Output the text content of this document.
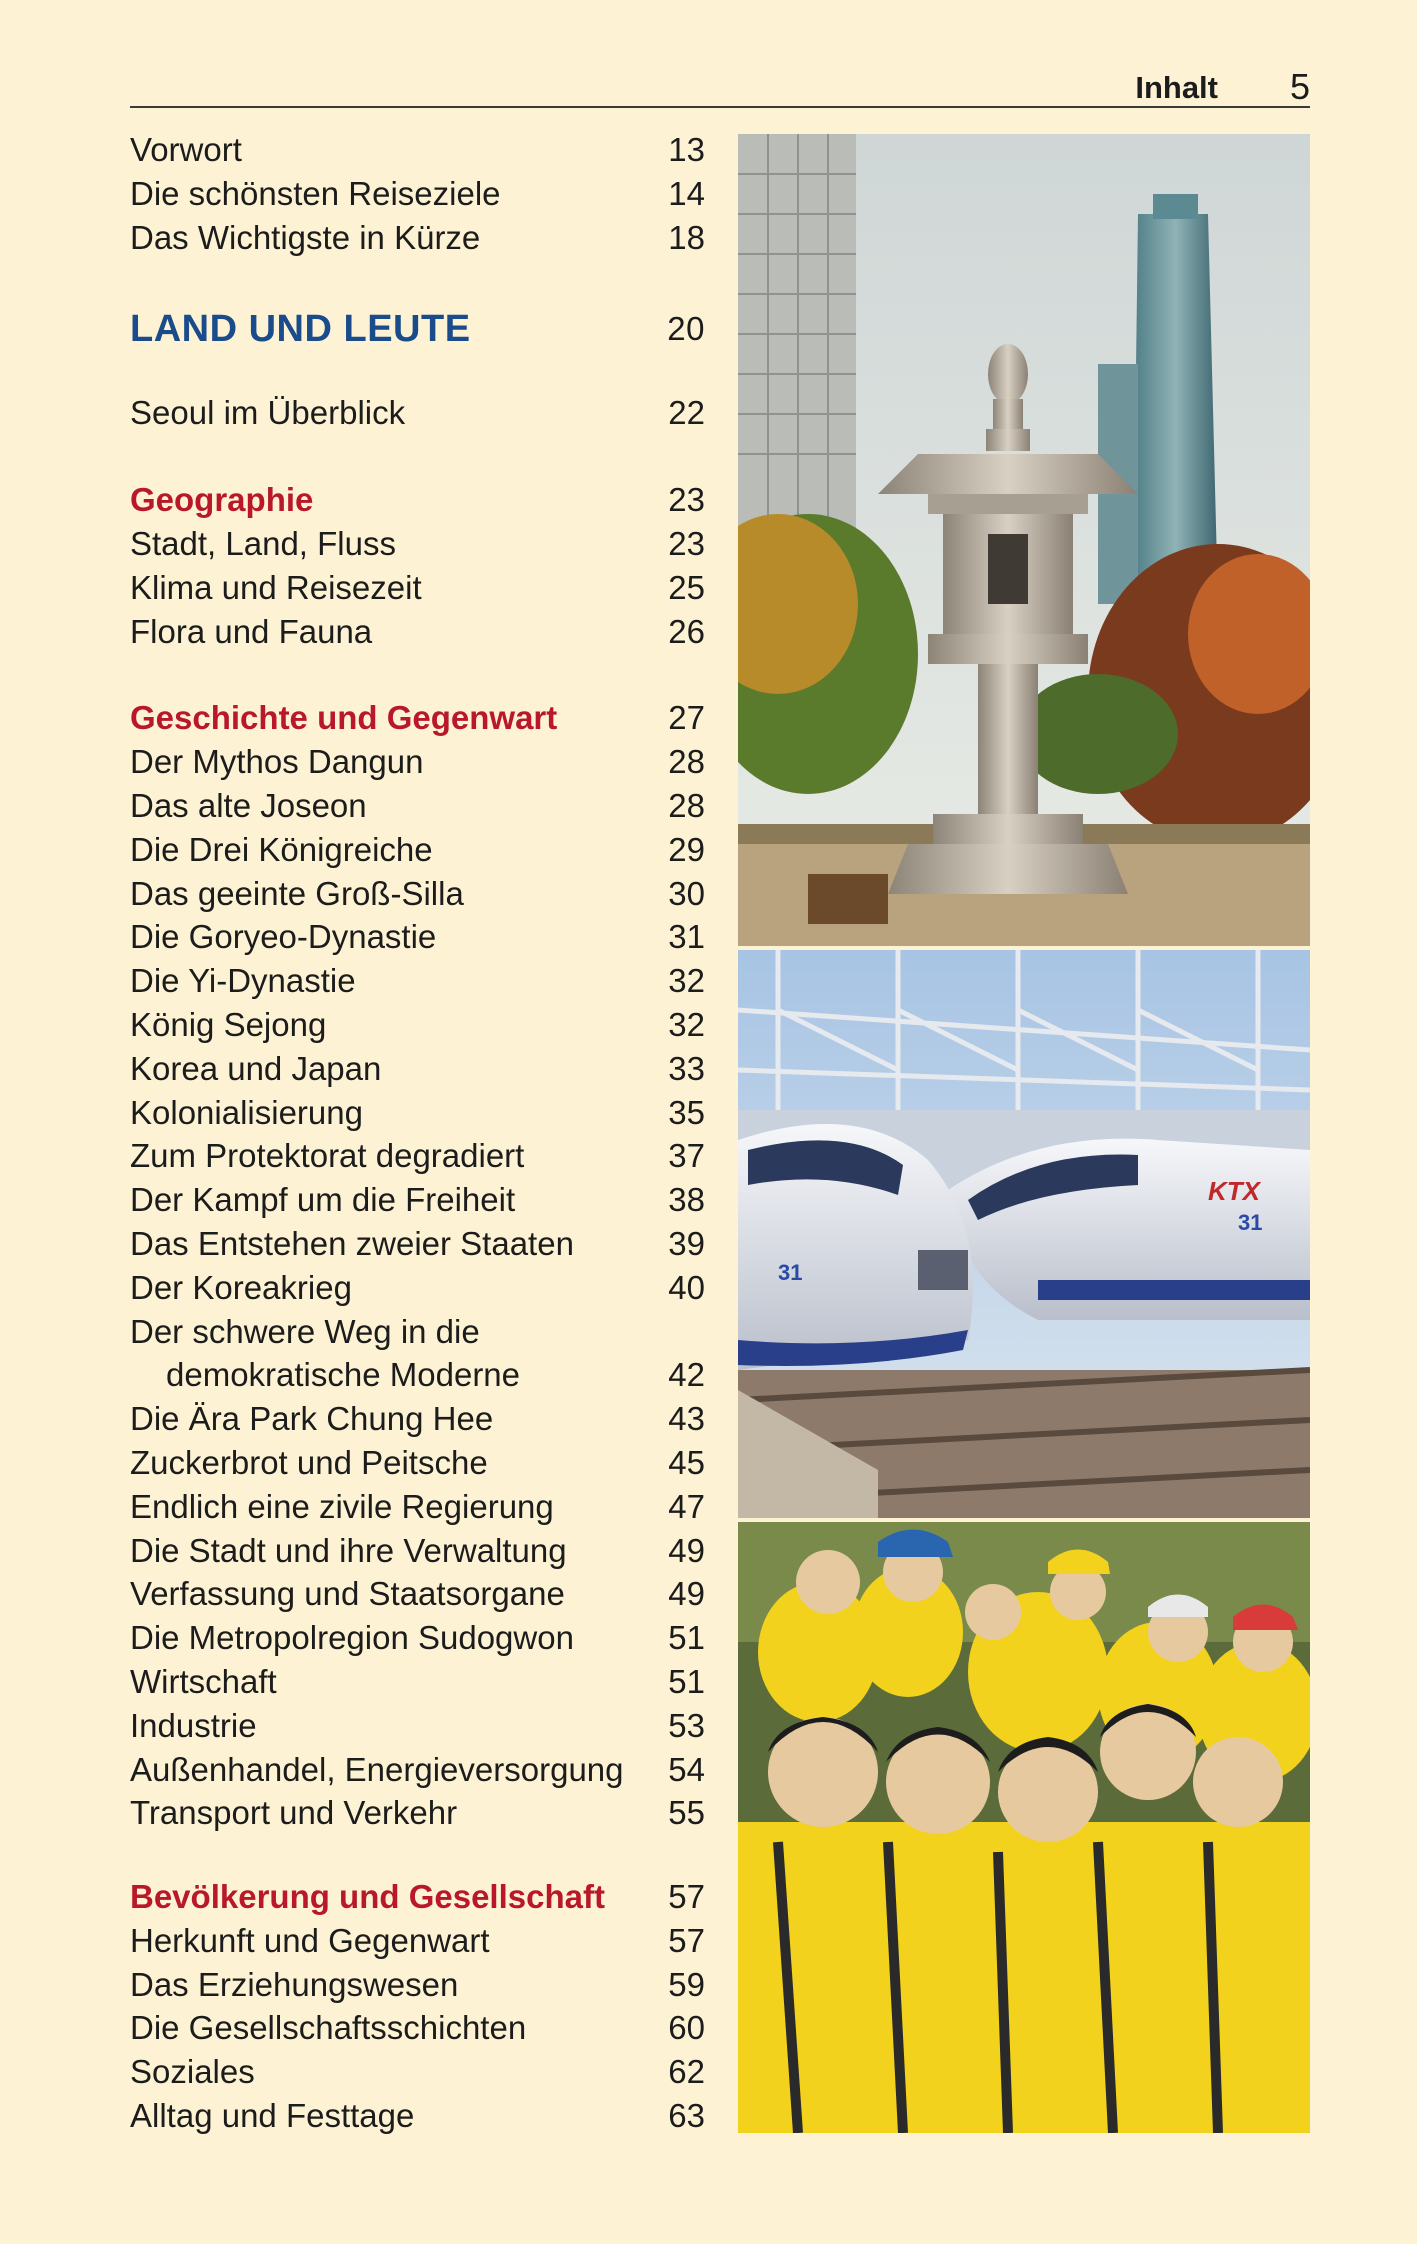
Inhalt 5
Vorwort	13
Die schönsten Reiseziele	14
Das Wichtigste in Kürze	18
LAND UND LEUTE	20
Seoul im Überblick	22
Geographie	23
Stadt, Land, Fluss	23
Klima und Reisezeit	25
Flora und Fauna	26
Geschichte und Gegenwart	27
Der Mythos Dangun	28
Das alte Joseon	28
Die Drei Königreiche	29
Das geeinte Groß-Silla	30
Die Goryeo-Dynastie	31
Die Yi-Dynastie	32
König Sejong	32
Korea und Japan	33
Kolonialisierung	35
Zum Protektorat degradiert	37
Der Kampf um die Freiheit	38
Das Entstehen zweier Staaten	39
Der Koreakrieg	40
Der schwere Weg in die
demokratische Moderne	42
Die Ära Park Chung Hee	43
Zuckerbrot und Peitsche	45
Endlich eine zivile Regierung	47
Die Stadt und ihre Verwaltung	49
Verfassung und Staatsorgane	49
Die Metropolregion Sudogwon	51
Wirtschaft	51
Industrie	53
Außenhandel, Energieversorgung 54
Transport und Verkehr	55
Bevölkerung und Gesellschaft 57
Herkunft und Gegenwart	57
Das Erziehungswesen	59
Die Gesellschaftsschichten	60
Soziales	62
Alltag und Festtage	63
31
KTX
31
